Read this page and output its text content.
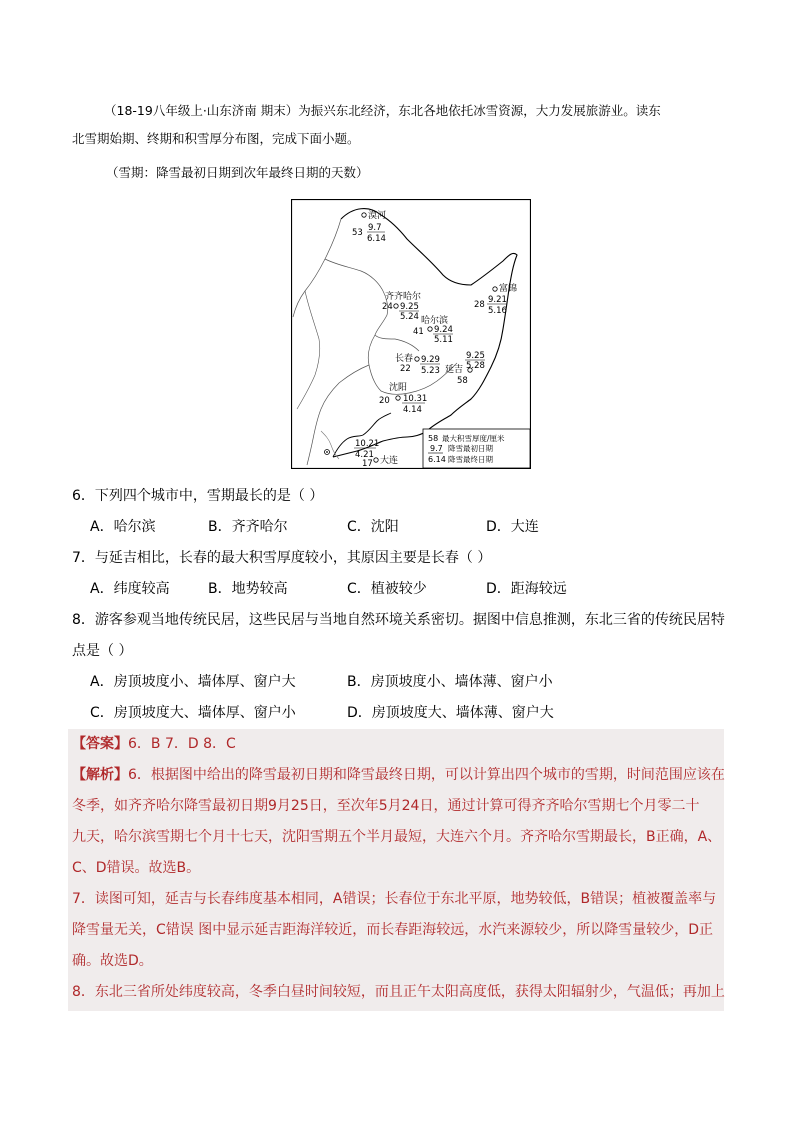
（18-19八年级上·山东济南 期末）为振兴东北经济，东北各地依托冰雪资源，大力发展旅游业。读东
北雪期始期、终期和积雪厚分布图，完成下面小题。
（雪期：降雪最初日期到次年最终日期的天数）
漠河
9.7
6.14
53
齐齐哈尔
24 9.25
5.24 哈尔滨
41 9.24
5.11
富锦
28 9.21
5.16
长春
22
9.29
5.23
9.25
5.28
延吉
58
沈阳
20 10.31
4.14
10.21
4.21
17 大连
58 最大积雪厚度/厘米
9.7 降雪最初日期
6.14 降雪最终日期
6．下列四个城市中，雪期最长的是（ ）
A．哈尔滨	B．齐齐哈尔	C．沈阳	D．大连
7．与延吉相比，长春的最大积雪厚度较小，其原因主要是长春（ ）
A．纬度较高	B．地势较高	C．植被较少	D．距海较远
8．游客参观当地传统民居，这些民居与当地自然环境关系密切。据图中信息推测，东北三省的传统民居特
点是（ ）
A．房顶坡度小、墙体厚、窗户大	B．房顶坡度小、墙体薄、窗户小
C．房顶坡度大、墙体厚、窗户小	D．房顶坡度大、墙体薄、窗户大
【答案】6．B 7．D 8．C
【解析】6．根据图中给出的降雪最初日期和降雪最终日期，可以计算出四个城市的雪期，时间范围应该在
冬季，如齐齐哈尔降雪最初日期9月25日，至次年5月24日，通过计算可得齐齐哈尔雪期七个月零二十
九天，哈尔滨雪期七个月十七天，沈阳雪期五个半月最短，大连六个月。齐齐哈尔雪期最长，B正确，A、
C、D错误。故选B。
7．读图可知，延吉与长春纬度基本相同，A错误；长春位于东北平原，地势较低，B错误；植被覆盖率与
降雪量无关，C错误 图中显示延吉距海洋较近，而长春距海较远，水汽来源较少，所以降雪量较少，D正
确。故选D。
8．东北三省所处纬度较高，冬季白昼时间较短，而且正午太阳高度低，获得太阳辐射少，气温低；再加上
